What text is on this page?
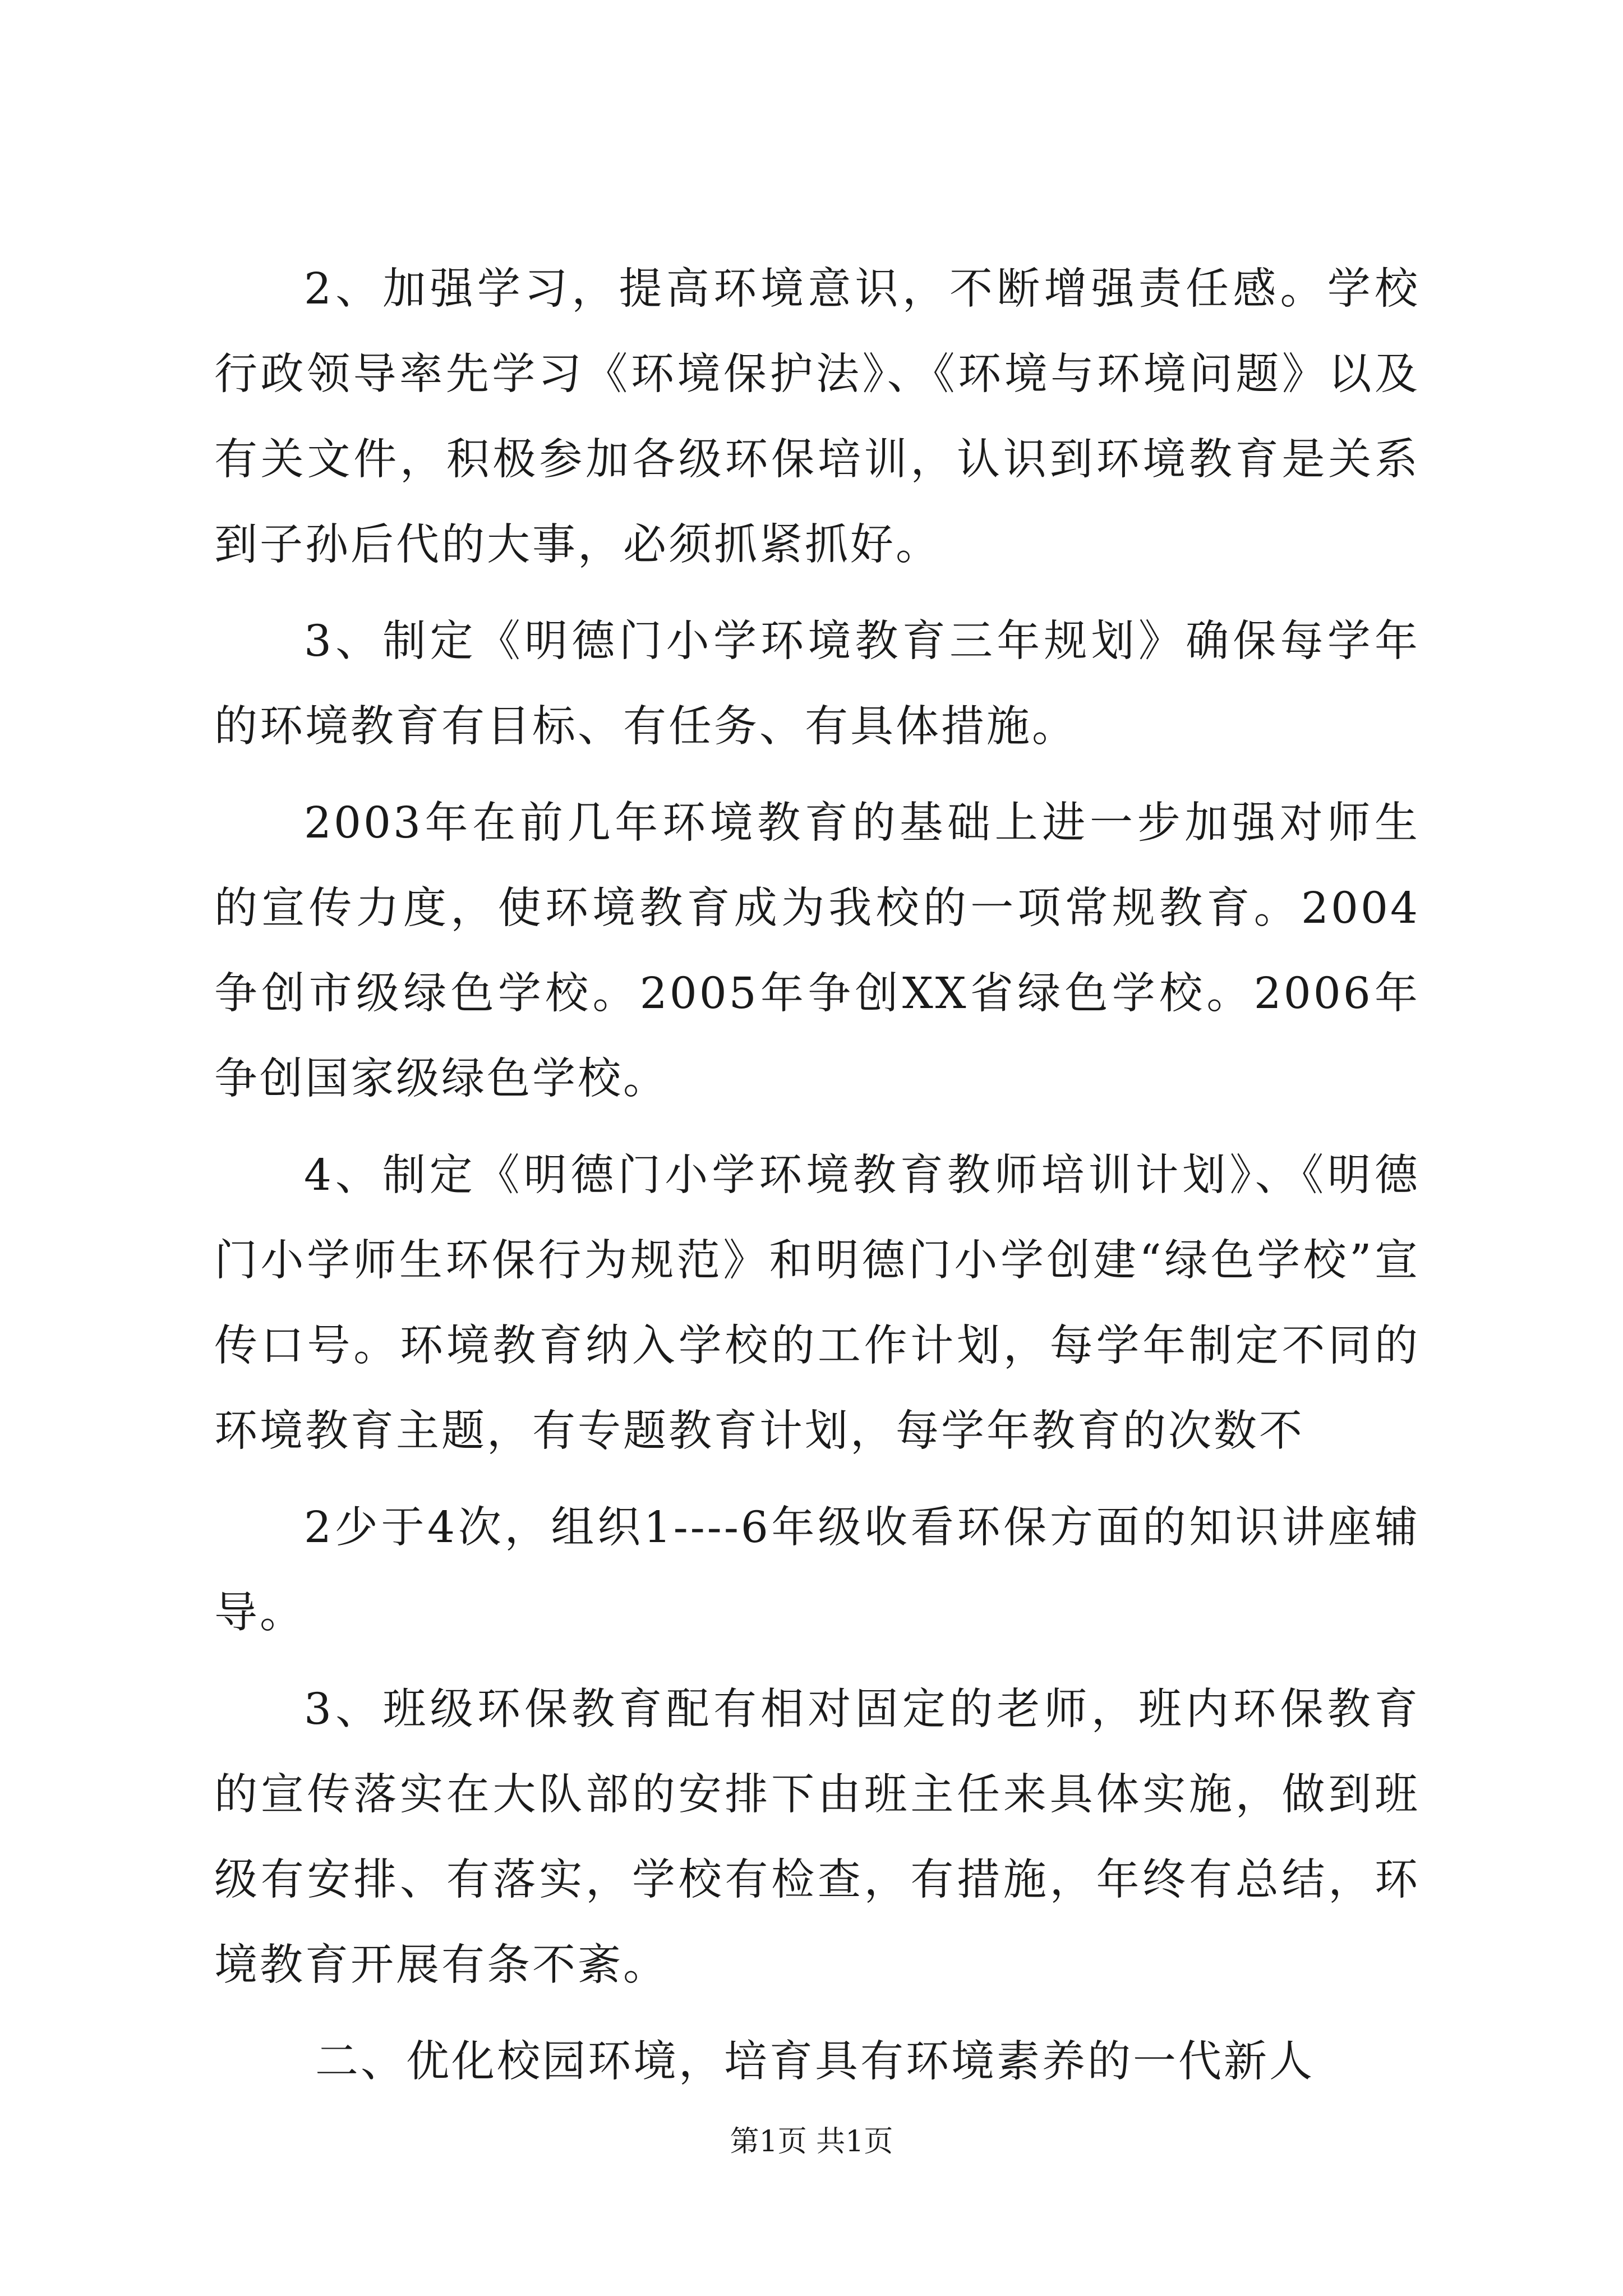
2、加强学习，提高环境意识，不断增强责任感。学校行政领导率先学习《环境保护法》、《环境与环境问题》以及有关文件，积极参加各级环保培训，认识到环境教育是关系到子孙后代的大事，必须抓紧抓好。

3、制定《明德门小学环境教育三年规划》确保每学年的环境教育有目标、有任务、有具体措施。

2003年在前几年环境教育的基础上进一步加强对师生的宣传力度，使环境教育成为我校的一项常规教育。2004争创市级绿色学校。2005年争创XX省绿色学校。2006年争创国家级绿色学校。

4、制定《明德门小学环境教育教师培训计划》、《明德门小学师生环保行为规范》和明德门小学创建“绿色学校”宣传口号。环境教育纳入学校的工作计划，每学年制定不同的环境教育主题，有专题教育计划，每学年教育的次数不

2少于4次，组织1----6年级收看环保方面的知识讲座辅导。

3、班级环保教育配有相对固定的老师，班内环保教育的宣传落实在大队部的安排下由班主任来具体实施，做到班级有安排、有落实，学校有检查，有措施，年终有总结，环境教育开展有条不紊。

二、优化校园环境，培育具有环境素养的一代新人

第1页 共1页
